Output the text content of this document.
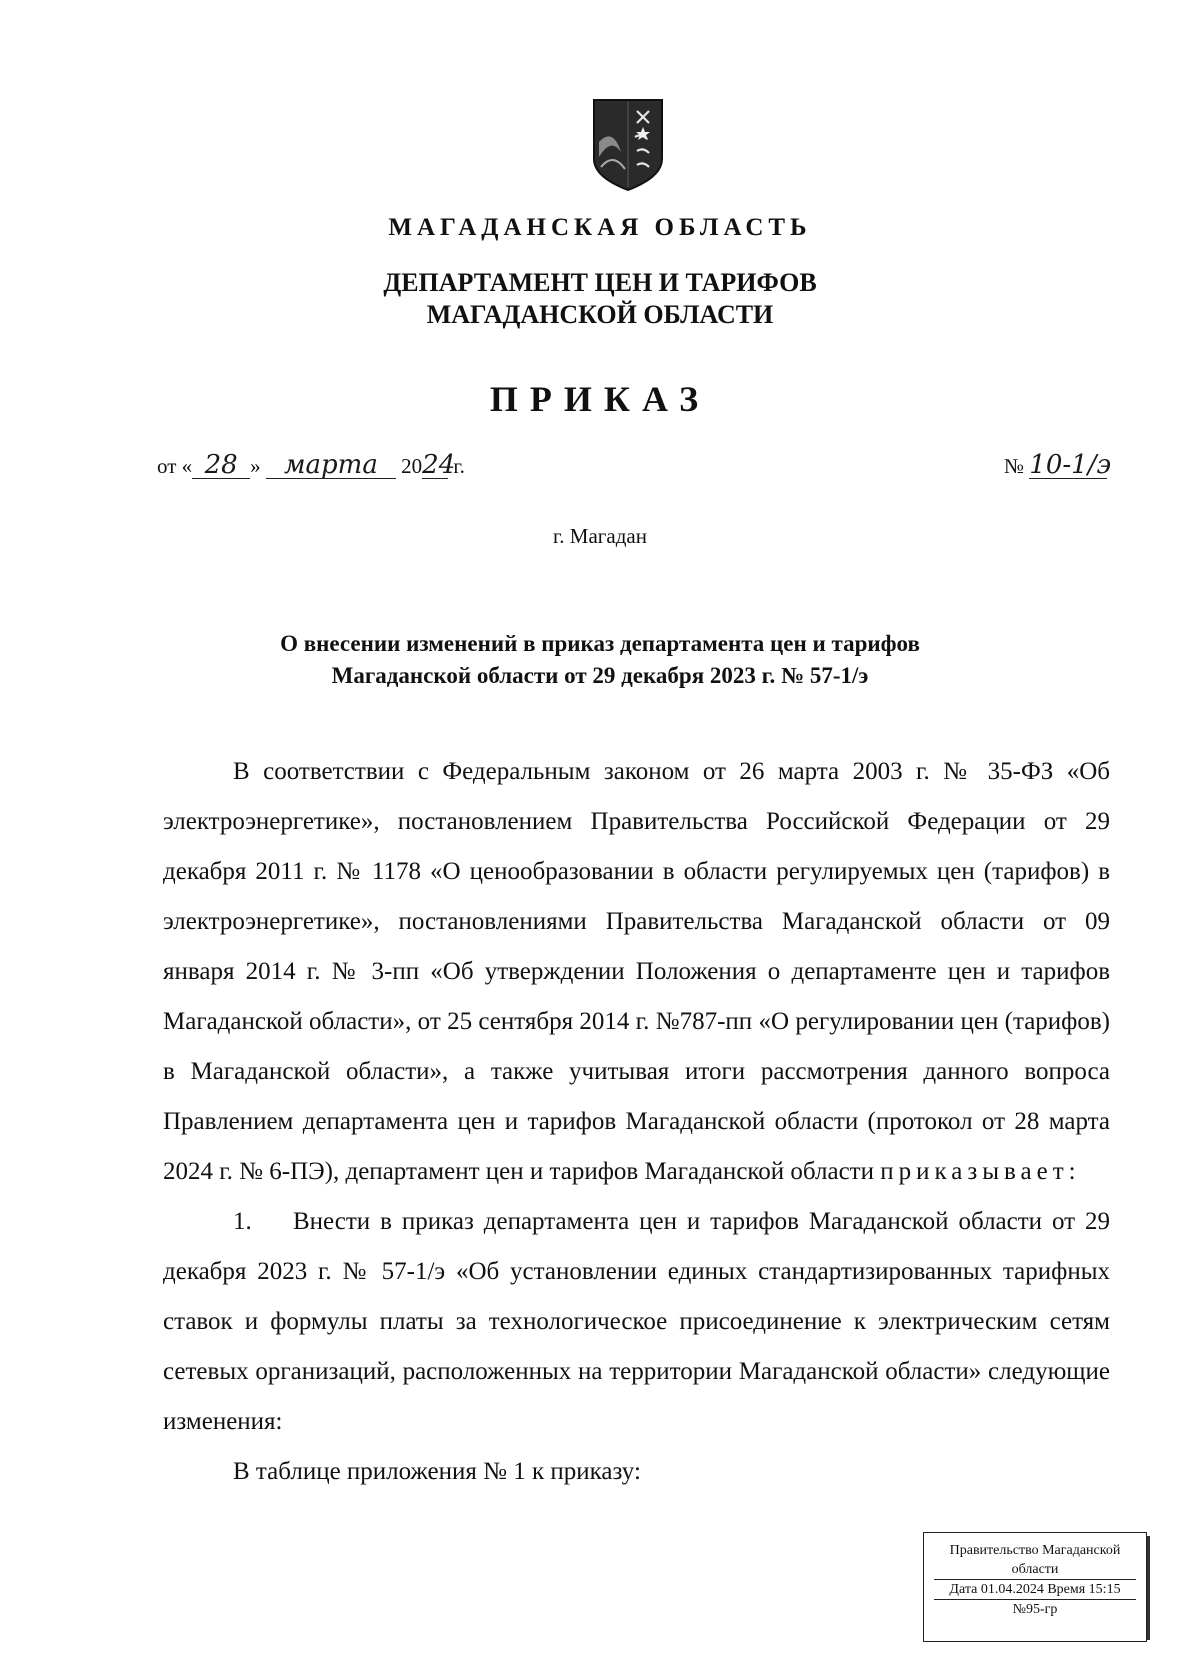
МАГАДАНСКАЯ ОБЛАСТЬ
ДЕПАРТАМЕНТ ЦЕН И ТАРИФОВ
МАГАДАНСКОЙ ОБЛАСТИ
ПРИКАЗ
от « 28 » марта 2024 г.	№ 10-1/э
г. Магадан
О внесении изменений в приказ департамента цен и тарифов
Магаданской области от 29 декабря 2023 г. № 57-1/э

В соответствии с Федеральным законом от 26 марта 2003 г. № 35-ФЗ «Об электроэнергетике», постановлением Правительства Российской Федерации от 29 декабря 2011 г. № 1178 «О ценообразовании в области регулируемых цен (тарифов) в электроэнергетике», постановлениями Правительства Магаданской области от 09 января 2014 г. № 3-пп «Об утверждении Положения о департаменте цен и тарифов Магаданской области», от 25 сентября 2014 г. №787-пп «О регулировании цен (тарифов) в Магаданской области», а также учитывая итоги рассмотрения данного вопроса Правлением департамента цен и тарифов Магаданской области (протокол от 28 марта 2024 г. № 6-ПЭ), департамент цен и тарифов Магаданской области приказывает:

1. Внести в приказ департамента цен и тарифов Магаданской области от 29 декабря 2023 г. № 57-1/э «Об установлении единых стандартизированных тарифных ставок и формулы платы за технологическое присоединение к электрическим сетям сетевых организаций, расположенных на территории Магаданской области» следующие изменения:

В таблице приложения № 1 к приказу:

Правительство Магаданской
области
Дата 01.04.2024 Время 15:15
№95-гр
